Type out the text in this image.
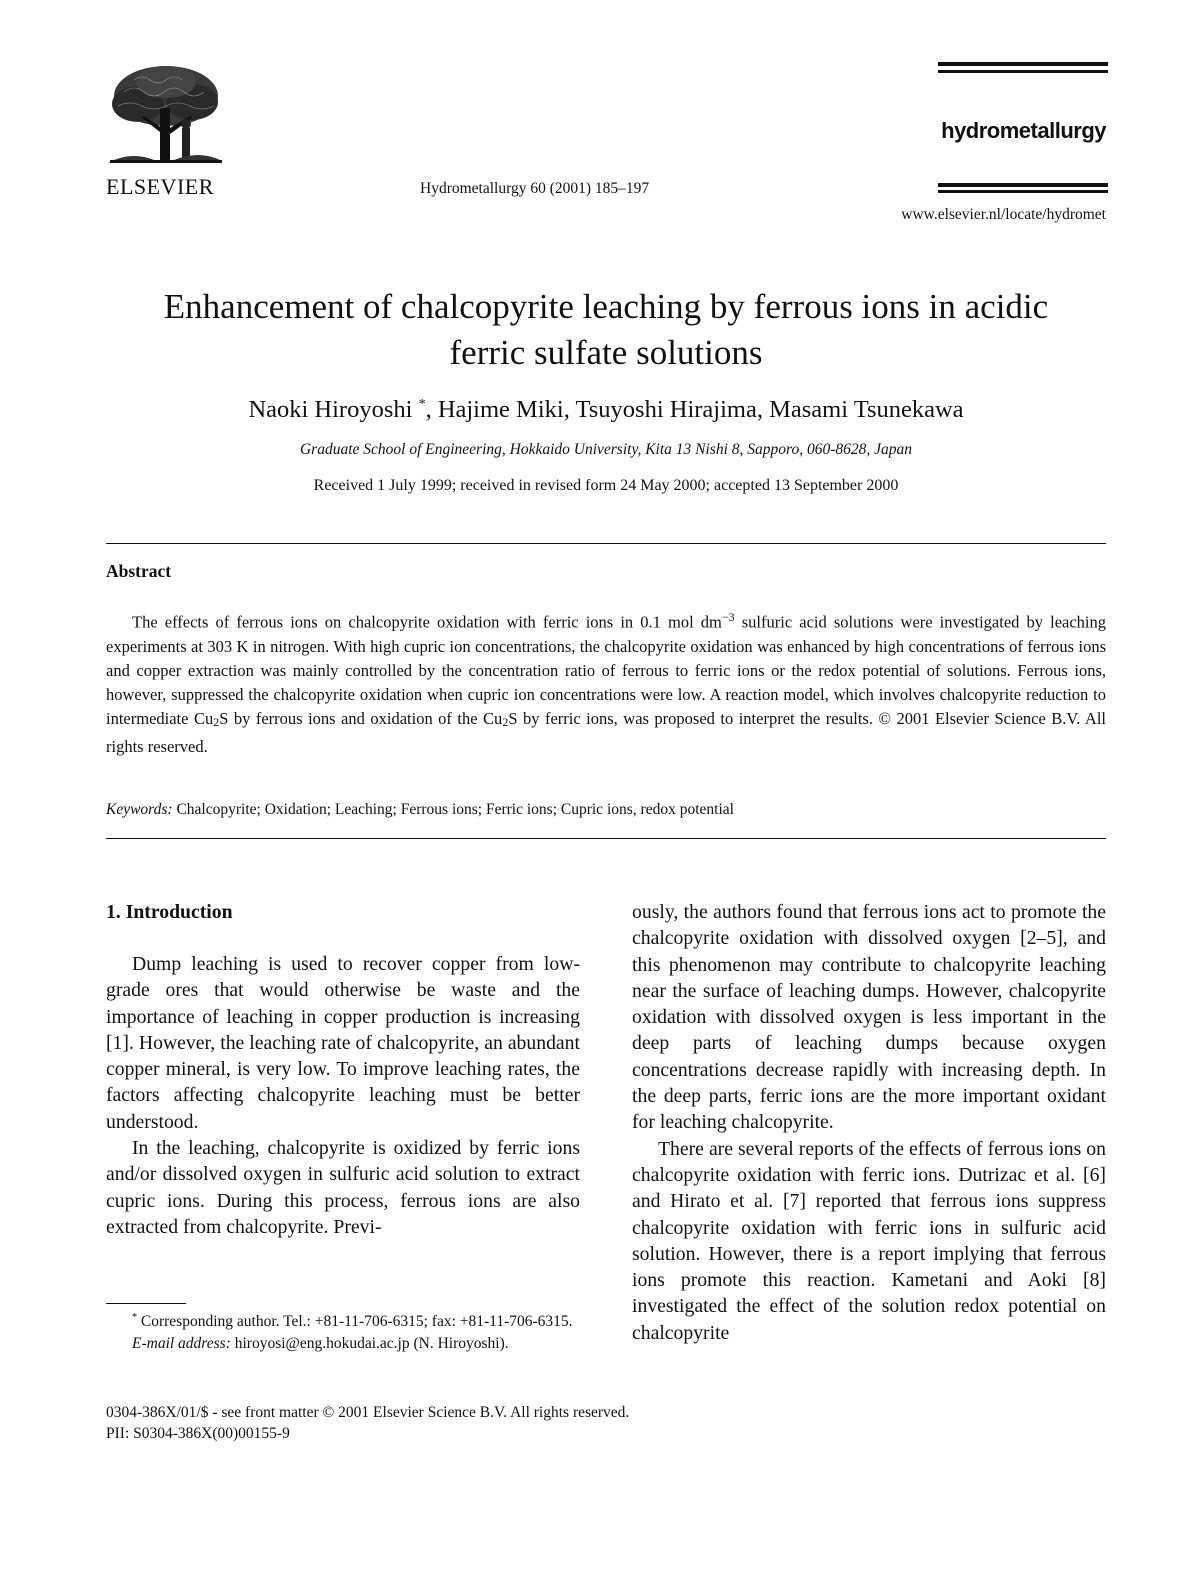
ELSEVIER	Hydrometallurgy 60 (2001) 185–197
hydrometallurgy
www.elsevier.nl/locate/hydromet
Enhancement of chalcopyrite leaching by ferrous ions in acidic
ferric sulfate solutions
Naoki Hiroyoshi *, Hajime Miki, Tsuyoshi Hirajima, Masami Tsunekawa
Graduate School of Engineering, Hokkaido University, Kita 13 Nishi 8, Sapporo, 060-8628, Japan
Received 1 July 1999; received in revised form 24 May 2000; accepted 13 September 2000
Abstract

The effects of ferrous ions on chalcopyrite oxidation with ferric ions in 0.1 mol $dm^{-3}$ sulfuric acid solutions were investigated by leaching experiments at 303 K in nitrogen. With high cupric ion concentrations, the chalcopyrite oxidation was enhanced by high concentrations of ferrous ions and copper extraction was mainly controlled by the concentration ratio of ferrous to ferric ions or the redox potential of solutions. Ferrous ions, however, suppressed the chalcopyrite oxidation when cupric ion concentrations were low. A reaction model, which involves chalcopyrite reduction to intermediate $Cu_2S$ by ferrous ions and oxidation of the $Cu_2S$ by ferric ions, was proposed to interpret the results. © 2001 Elsevier Science B.V. All rights reserved.

Keywords: Chalcopyrite; Oxidation; Leaching; Ferrous ions; Ferric ions; Cupric ions, redox potential
1. Introduction

Dump leaching is used to recover copper from low-grade ores that would otherwise be waste and the importance of leaching in copper production is increasing [1]. However, the leaching rate of chalcopyrite, an abundant copper mineral, is very low. To improve leaching rates, the factors affecting chalcopyrite leaching must be better understood.

In the leaching, chalcopyrite is oxidized by ferric ions and/or dissolved oxygen in sulfuric acid solution to extract cupric ions. During this process, ferrous ions are also extracted from chalcopyrite. Previ-

ously, the authors found that ferrous ions act to promote the chalcopyrite oxidation with dissolved oxygen [2–5], and this phenomenon may contribute to chalcopyrite leaching near the surface of leaching dumps. However, chalcopyrite oxidation with dissolved oxygen is less important in the deep parts of leaching dumps because oxygen concentrations decrease rapidly with increasing depth. In the deep parts, ferric ions are the more important oxidant for leaching chalcopyrite.

There are several reports of the effects of ferrous ions on chalcopyrite oxidation with ferric ions. Dutrizac et al. [6] and Hirato et al. [7] reported that ferrous ions suppress chalcopyrite oxidation with ferric ions in sulfuric acid solution. However, there is a report implying that ferrous ions promote this reaction. Kametani and Aoki [8] investigated the effect of the solution redox potential on chalcopyrite

* Corresponding author. Tel.: +81-11-706-6315; fax: +81-11-706-6315.

E-mail address: hiroyosi@eng.hokudai.ac.jp (N. Hiroyoshi).

0304-386X/01/$ - see front matter © 2001 Elsevier Science B.V. All rights reserved.
PII: S0304-386X(00)00155-9
